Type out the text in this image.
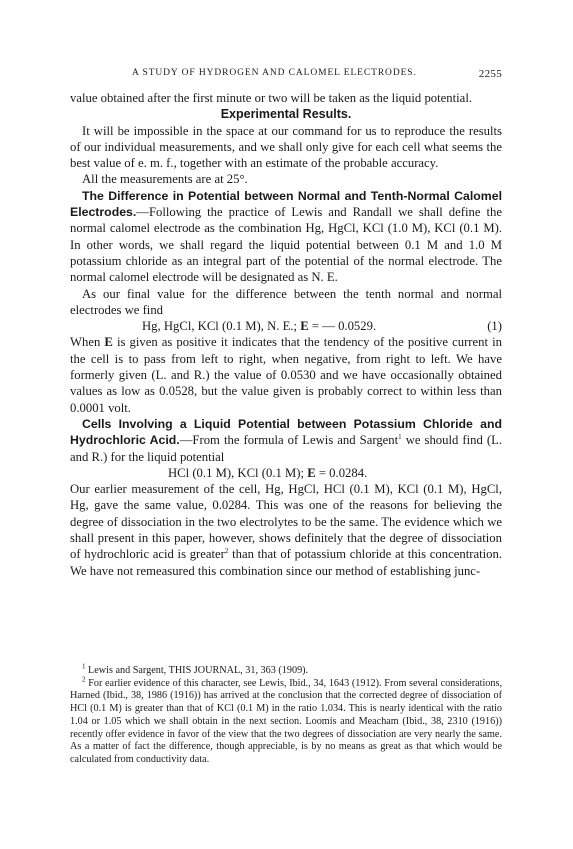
A STUDY OF HYDROGEN AND CALOMEL ELECTRODES.	2255

value obtained after the first minute or two will be taken as the liquid potential.

Experimental Results.

It will be impossible in the space at our command for us to reproduce the results of our individual measurements, and we shall only give for each cell what seems the best value of e. m. f., together with an estimate of the probable accuracy.

All the measurements are at 25°.

The Difference in Potential between Normal and Tenth-Normal Calomel Electrodes.—Following the practice of Lewis and Randall we shall define the normal calomel electrode as the combination Hg, HgCl, KCl (1.0 M), KCl (0.1 M). In other words, we shall regard the liquid potential between 0.1 M and 1.0 M potassium chloride as an integral part of the potential of the normal electrode. The normal calomel electrode will be designated as N. E.

As our final value for the difference between the tenth normal and normal electrodes we find

Hg, HgCl, KCl (0.1 M), N. E.; E = — 0.0529.	(1)

When E is given as positive it indicates that the tendency of the positive current in the cell is to pass from left to right, when negative, from right to left. We have formerly given (L. and R.) the value of 0.0530 and we have occasionally obtained values as low as 0.0528, but the value given is probably correct to within less than 0.0001 volt.

Cells Involving a Liquid Potential between Potassium Chloride and Hydrochloric Acid.—From the formula of Lewis and Sargent$^1$ we should find (L. and R.) for the liquid potential

HCl (0.1 M), KCl (0.1 M); E = 0.0284.

Our earlier measurement of the cell, Hg, HgCl, HCl (0.1 M), KCl (0.1 M), HgCl, Hg, gave the same value, 0.0284. This was one of the reasons for believing the degree of dissociation in the two electrolytes to be the same. The evidence which we shall present in this paper, however, shows definitely that the degree of dissociation of hydrochloric acid is greater$^2$ than that of potassium chloride at this concentration. We have not remeasured this combination since our method of establishing junc-

$^1$ Lewis and Sargent, THIS JOURNAL, 31, 363 (1909).

$^2$ For earlier evidence of this character, see Lewis, Ibid., 34, 1643 (1912). From several considerations, Harned (Ibid., 38, 1986 (1916)) has arrived at the conclusion that the corrected degree of dissociation of HCl (0.1 M) is greater than that of KCl (0.1 M) in the ratio 1.034. This is nearly identical with the ratio 1.04 or 1.05 which we shall obtain in the next section. Loomis and Meacham (Ibid., 38, 2310 (1916)) recently offer evidence in favor of the view that the two degrees of dissociation are very nearly the same. As a matter of fact the difference, though appreciable, is by no means as great as that which would be calculated from conductivity data.
